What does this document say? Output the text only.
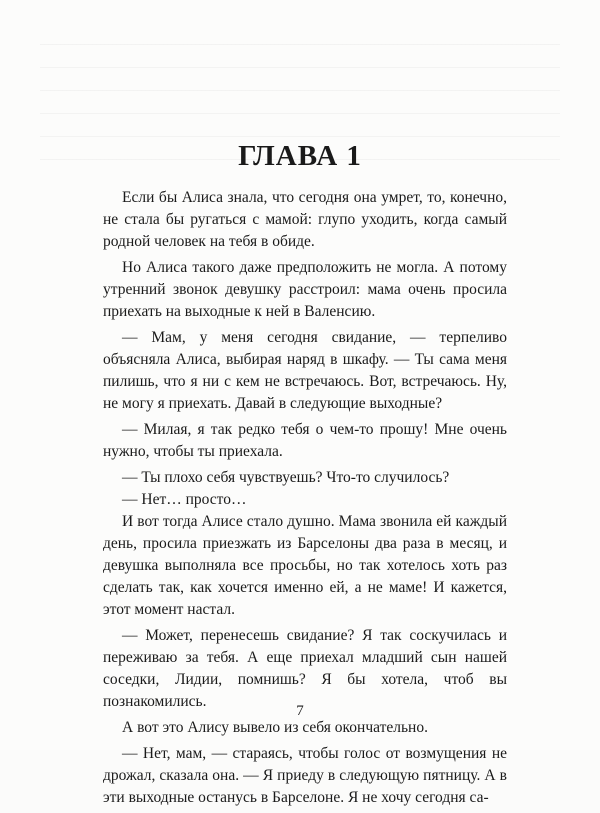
ГЛАВА 1

Если бы Алиса знала, что сегодня она умрет, то, конечно, не стала бы ругаться с мамой: глупо уходить, когда самый родной человек на тебя в обиде.

Но Алиса такого даже предположить не могла. А потому утренний звонок девушку расстроил: мама очень просила приехать на выходные к ней в Валенсию.

— Мам, у меня сегодня свидание, — терпеливо объясняла Алиса, выбирая наряд в шкафу. — Ты сама меня пилишь, что я ни с кем не встречаюсь. Вот, встречаюсь. Ну, не могу я приехать. Давай в следующие выходные?

— Милая, я так редко тебя о чем-то прошу! Мне очень нужно, чтобы ты приехала.

— Ты плохо себя чувствуешь? Что-то случилось?

— Нет… просто…

И вот тогда Алисе стало душно. Мама звонила ей каждый день, просила приезжать из Барселоны два раза в месяц, и девушка выполняла все просьбы, но так хотелось хоть раз сделать так, как хочется именно ей, а не маме! И кажется, этот момент настал.

— Может, перенесешь свидание? Я так соскучилась и переживаю за тебя. А еще приехал младший сын нашей соседки, Лидии, помнишь? Я бы хотела, чтоб вы познакомились.

А вот это Алису вывело из себя окончательно.

— Нет, мам, — стараясь, чтобы голос от возмущения не дрожал, сказала она. — Я приеду в следующую пятницу. А в эти выходные останусь в Барселоне. Я не хочу сегодня са-

7
